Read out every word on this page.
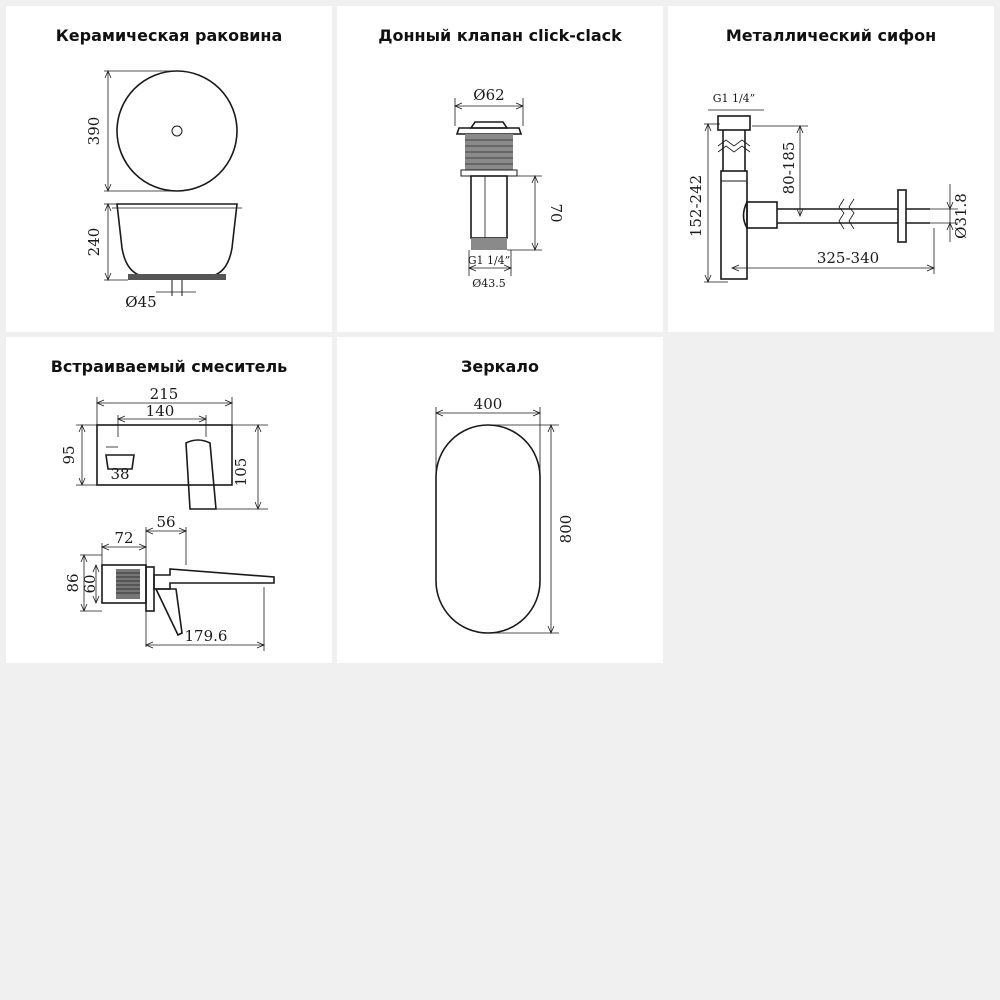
Керамическая раковина
390
240
Ø45
Донный клапан click-clack
Ø62
70
G1 1/4”
Ø43.5
Металлический сифон
G1 1/4”
152-242
80-185
325-340
Ø31.8
Встраиваемый смеситель
215
140
38
95
105
72
56
86 60
179.6
Зеркало
400
800
